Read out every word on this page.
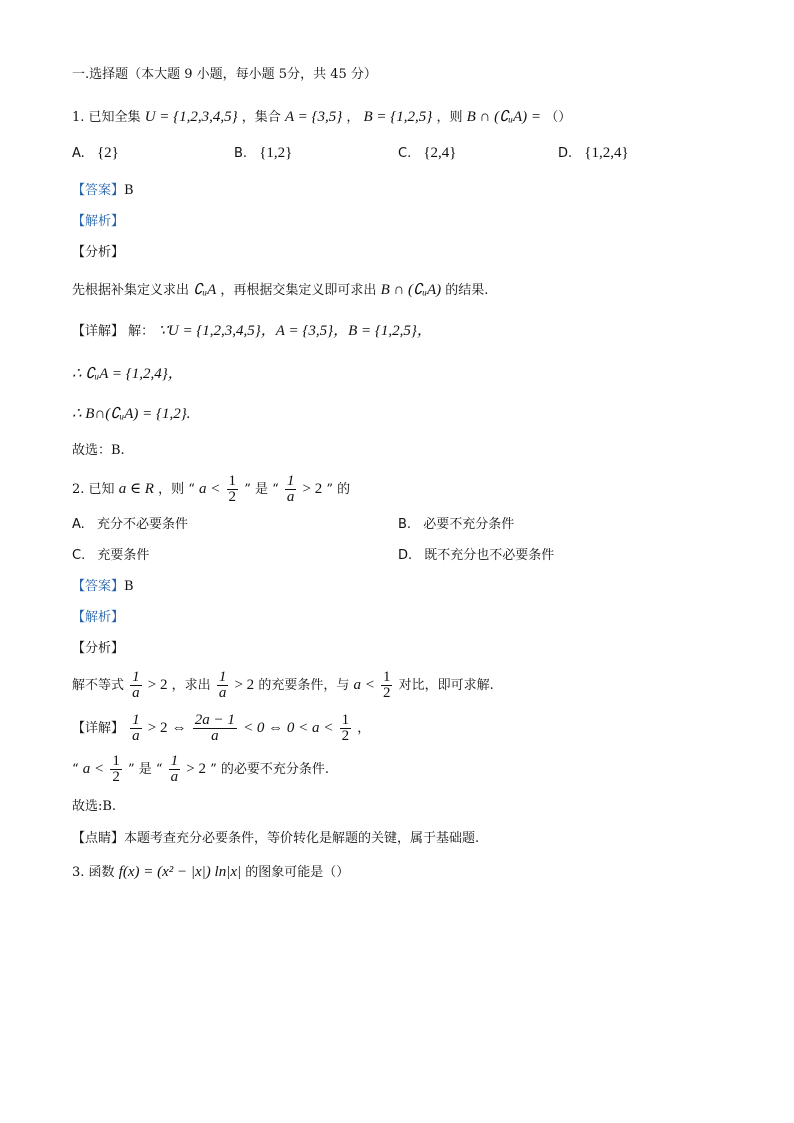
一.选择题（本大题 9 小题，每小题 5分，共 45 分）
1. 已知全集 U = {1,2,3,4,5} ，集合 A = {3,5} ， B = {1,2,5} ，则 B ∩ (∁ᵤA) = （）
A. {2}	B. {1,2}	C. {2,4}	D. {1,2,4}
【答案】B
【解析】
【分析】
先根据补集定义求出 ∁ᵤA ，再根据交集定义即可求出 B ∩ (∁ᵤA) 的结果.
【详解】 解： ∵U = {1,2,3,4,5}，A = {3,5}，B = {1,2,5}，
∴ ∁ᵤA = {1,2,4}，
∴ B∩(∁ᵤA) = {1,2}.
故选：B.
2. 已知 a ∈ R ，则 “ $a < \frac{1}{2}$ ” 是 “ $\frac{1}{a} > 2$ ” 的
A. 充分不必要条件	B. 必要不充分条件
C. 充要条件	D. 既不充分也不必要条件
【答案】B
【解析】
【分析】
解不等式 $\frac{1}{a} > 2$ ，求出 $\frac{1}{a} > 2$ 的充要条件，与 $a < \frac{1}{2}$ 对比，即可求解.
【详解】 $\frac{1}{a} > 2$ ⇔ $\frac{2a - 1}{a} < 0$ ⇔ $0 < a < \frac{1}{2}$ ，
“ $a < \frac{1}{2}$ ” 是 “ $\frac{1}{a} > 2$ ” 的必要不充分条件.
故选:B.
【点睛】本题考查充分必要条件，等价转化是解题的关键，属于基础题.
3. 函数 f(x) = (x² − |x|) ln|x| 的图象可能是（）
